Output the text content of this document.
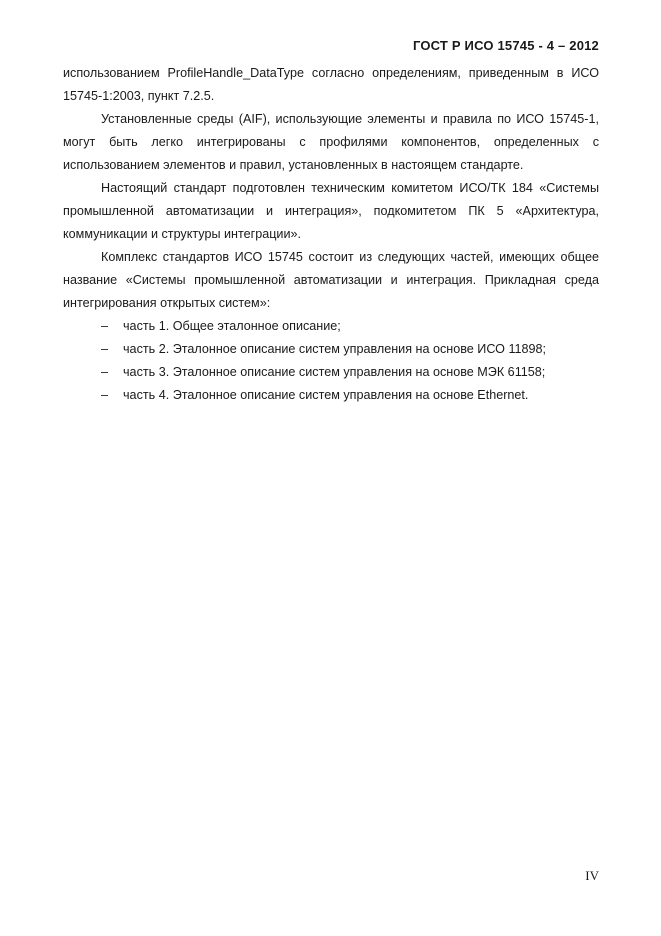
ГОСТ Р ИСО 15745 - 4 – 2012

использованием ProfileHandle_DataType согласно определениям, приведенным в ИСО 15745-1:2003, пункт 7.2.5.

Установленные среды (AIF), использующие элементы и правила по ИСО 15745-1, могут быть легко интегрированы с профилями компонентов, определенных с использованием элементов и правил, установленных в настоящем стандарте.

Настоящий стандарт подготовлен техническим комитетом ИСО/ТК 184 «Системы промышленной автоматизации и интеграция», подкомитетом ПК 5 «Архитектура, коммуникации и структуры интеграции».

Комплекс стандартов ИСО 15745 состоит из следующих частей, имеющих общее название «Системы промышленной автоматизации и интеграция. Прикладная среда интегрирования открытых систем»:

– часть 1. Общее эталонное описание;
– часть 2. Эталонное описание систем управления на основе ИСО 11898;
– часть 3. Эталонное описание систем управления на основе МЭК 61158;
– часть 4. Эталонное описание систем управления на основе Ethernet.
IV
